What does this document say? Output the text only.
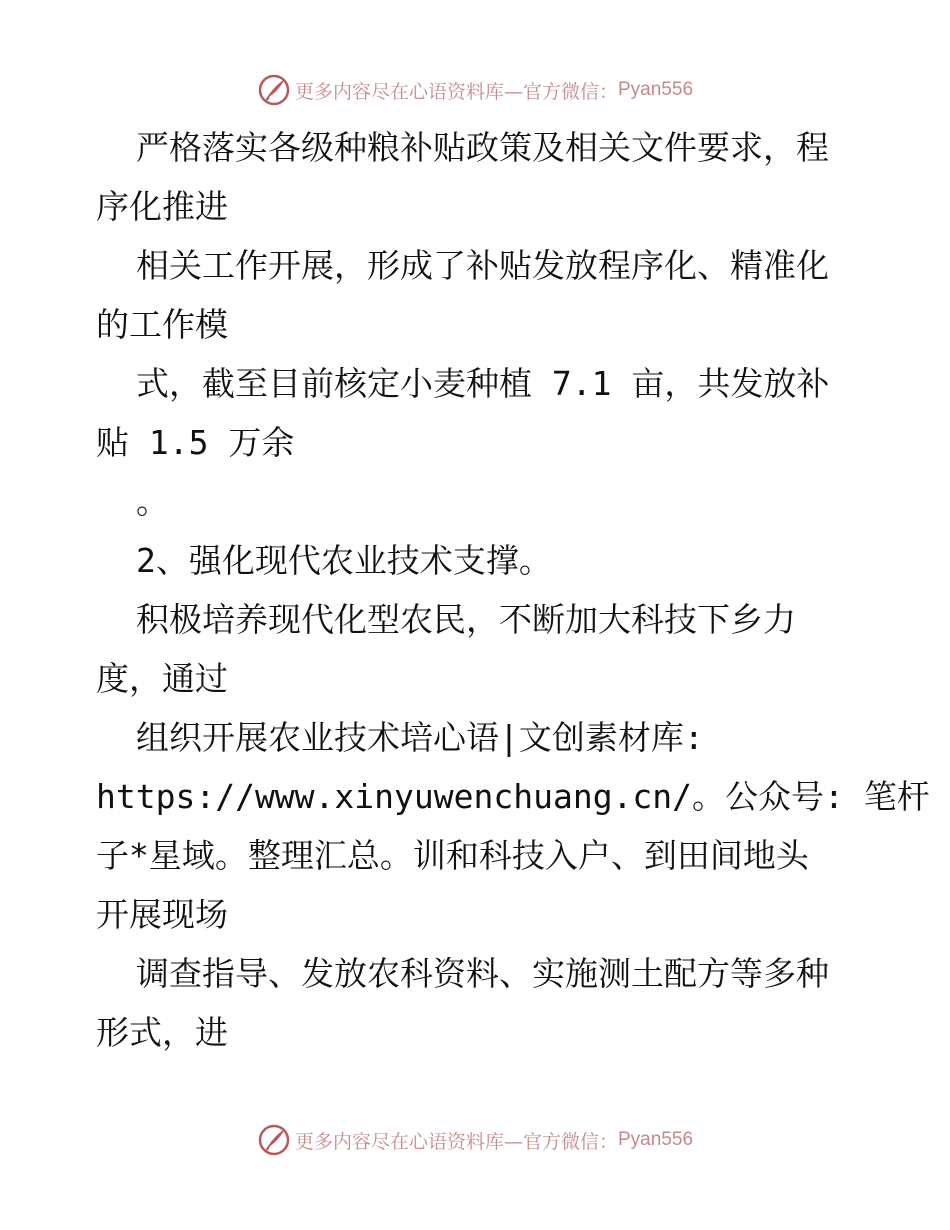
更多内容尽在心语资料库—官方微信： Pyan556
严格落实各级种粮补贴政策及相关文件要求，程
序化推进
相关工作开展，形成了补贴发放程序化、精准化
的工作模
式，截至目前核定小麦种植 7.1 亩，共发放补
贴 1.5 万余
。
2、强化现代农业技术支撑。
积极培养现代化型农民，不断加大科技下乡力
度，通过
组织开展农业技术培心语|文创素材库:
https://www.xinyuwenchuang.cn/。公众号: 笔杆
子*星域。整理汇总。训和科技入户、到田间地头
开展现场
调查指导、发放农科资料、实施测土配方等多种
形式，进
更多内容尽在心语资料库—官方微信： Pyan556
